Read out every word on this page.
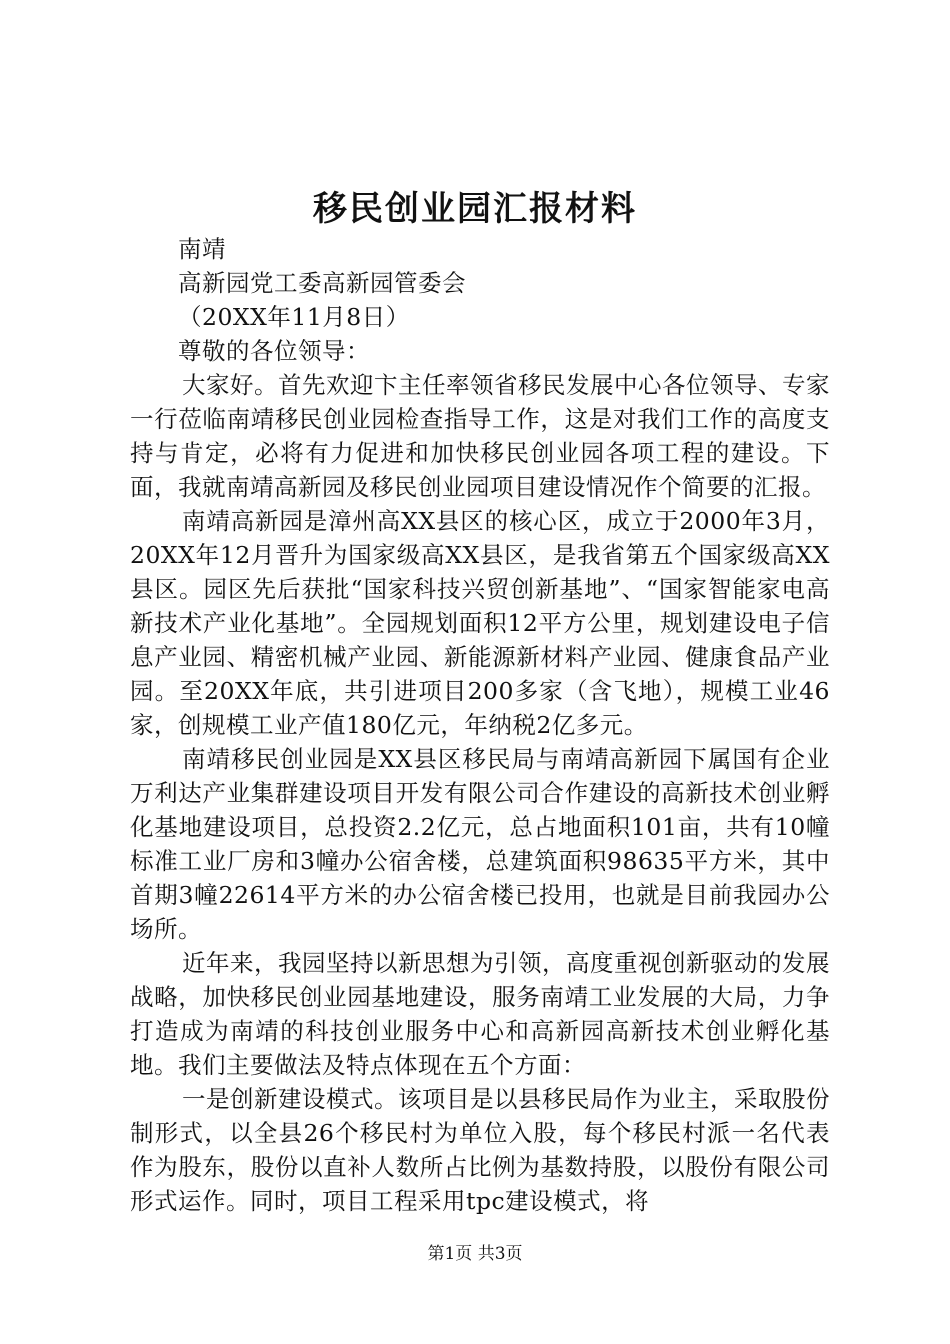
移民创业园汇报材料

南靖

高新园党工委高新园管委会

（20XX年11月8日）

尊敬的各位领导：

大家好。首先欢迎卞主任率领省移民发展中心各位领导、专家一行莅临南靖移民创业园检查指导工作，这是对我们工作的高度支持与肯定，必将有力促进和加快移民创业园各项工程的建设。下面，我就南靖高新园及移民创业园项目建设情况作个简要的汇报。

南靖高新园是漳州高XX县区的核心区，成立于2000年3月，20XX年12月晋升为国家级高XX县区，是我省第五个国家级高XX县区。园区先后获批“国家科技兴贸创新基地”、“国家智能家电高新技术产业化基地”。全园规划面积12平方公里，规划建设电子信息产业园、精密机械产业园、新能源新材料产业园、健康食品产业园。至20XX年底，共引进项目200多家（含飞地），规模工业46家，创规模工业产值180亿元，年纳税2亿多元。

南靖移民创业园是XX县区移民局与南靖高新园下属国有企业万利达产业集群建设项目开发有限公司合作建设的高新技术创业孵化基地建设项目，总投资2.2亿元，总占地面积101亩，共有10幢标准工业厂房和3幢办公宿舍楼，总建筑面积98635平方米，其中首期3幢22614平方米的办公宿舍楼已投用，也就是目前我园办公场所。

近年来，我园坚持以新思想为引领，高度重视创新驱动的发展战略，加快移民创业园基地建设，服务南靖工业发展的大局，力争打造成为南靖的科技创业服务中心和高新园高新技术创业孵化基地。我们主要做法及特点体现在五个方面：

一是创新建设模式。该项目是以县移民局作为业主，采取股份制形式，以全县26个移民村为单位入股，每个移民村派一名代表作为股东，股份以直补人数所占比例为基数持股，以股份有限公司形式运作。同时，项目工程采用tpc建设模式，将

第1页 共3页
